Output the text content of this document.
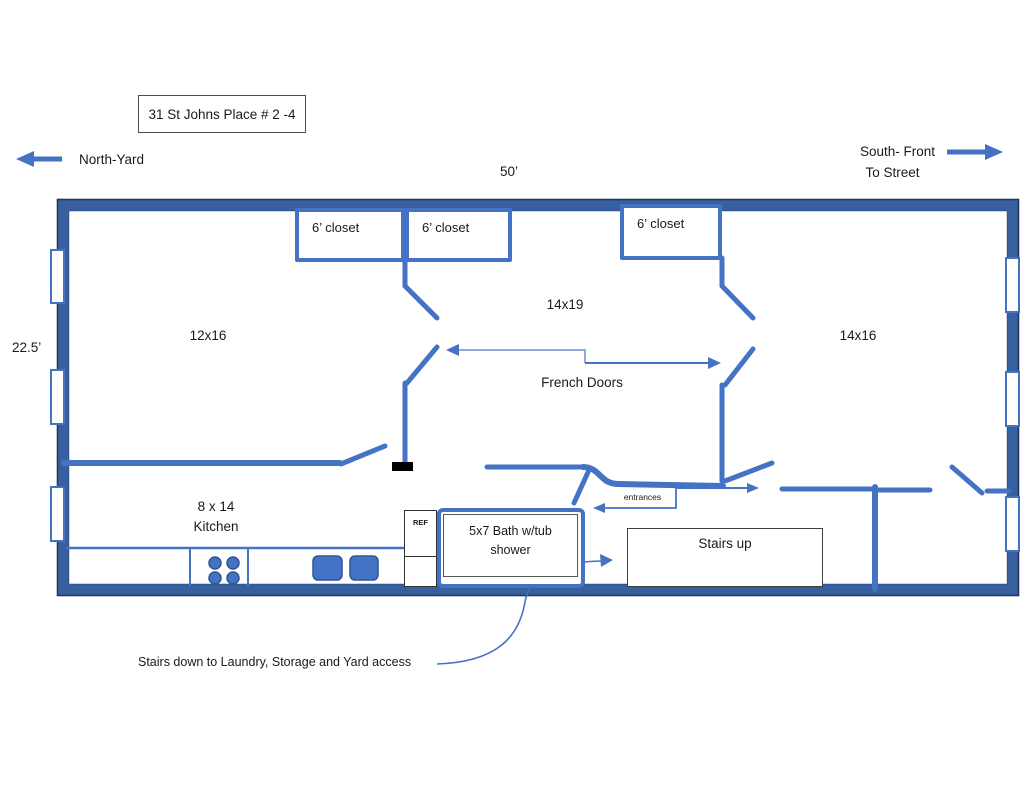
31 St Johns Place # 2 -4
North-Yard
South- Front
To Street
50’
22.5’
12x16
14x19
14x16
8 x 14
Kitchen
6’ closet	6’ closet	6’ closet
French Doors
entrances
REF
5x7 Bath w/tub
shower	Stairs up
Stairs down to Laundry, Storage and Yard access
